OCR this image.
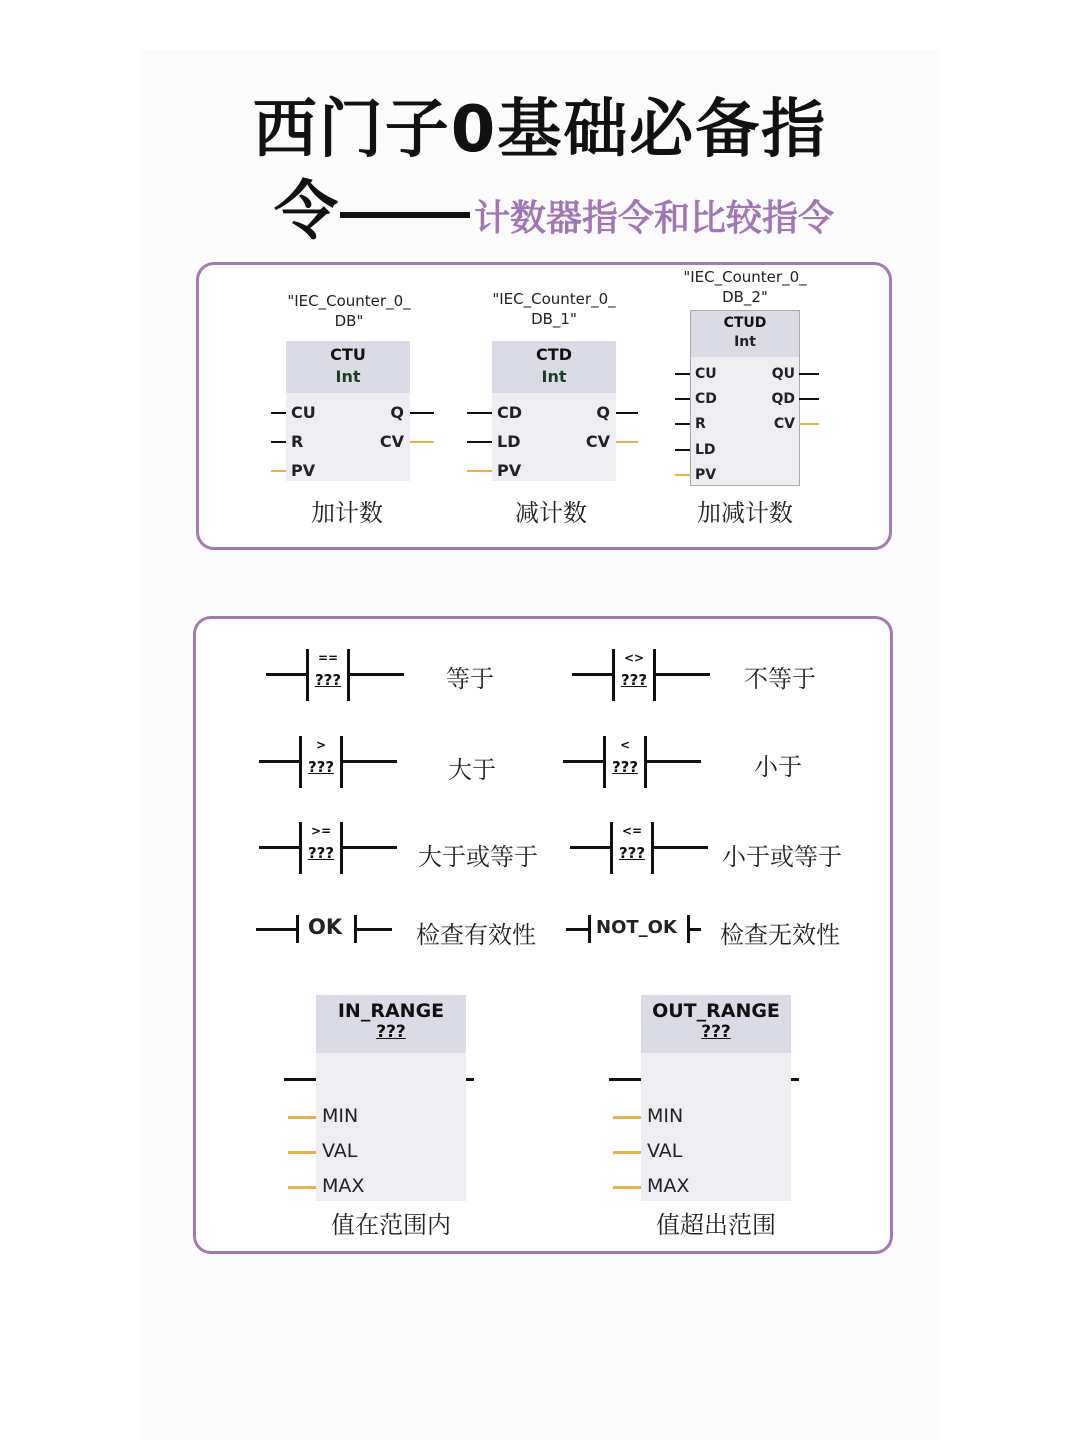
西门子0基础必备指
令	计数器指令和比较指令
"IEC_Counter_0_
DB"
CTU
Int
CU
R
PV
Q
CV
加计数
"IEC_Counter_0_
DB_1"
CTD
Int
CD
LD
PV
Q
CV
减计数
"IEC_Counter_0_
DB_2"
CTUD
Int
CU
CD
R
LD
PV
QU
QD
CV
加减计数
==
???	等于
<>
???	不等于
>
???	大于
<
???	小于
>=
???	大于或等于
<=
???	小于或等于
OK	检查有效性	NOT_OK 检查无效性
IN_RANGE
???
MIN
VAL
MAX
值在范围内
OUT_RANGE
???
MIN
VAL
MAX
值超出范围
